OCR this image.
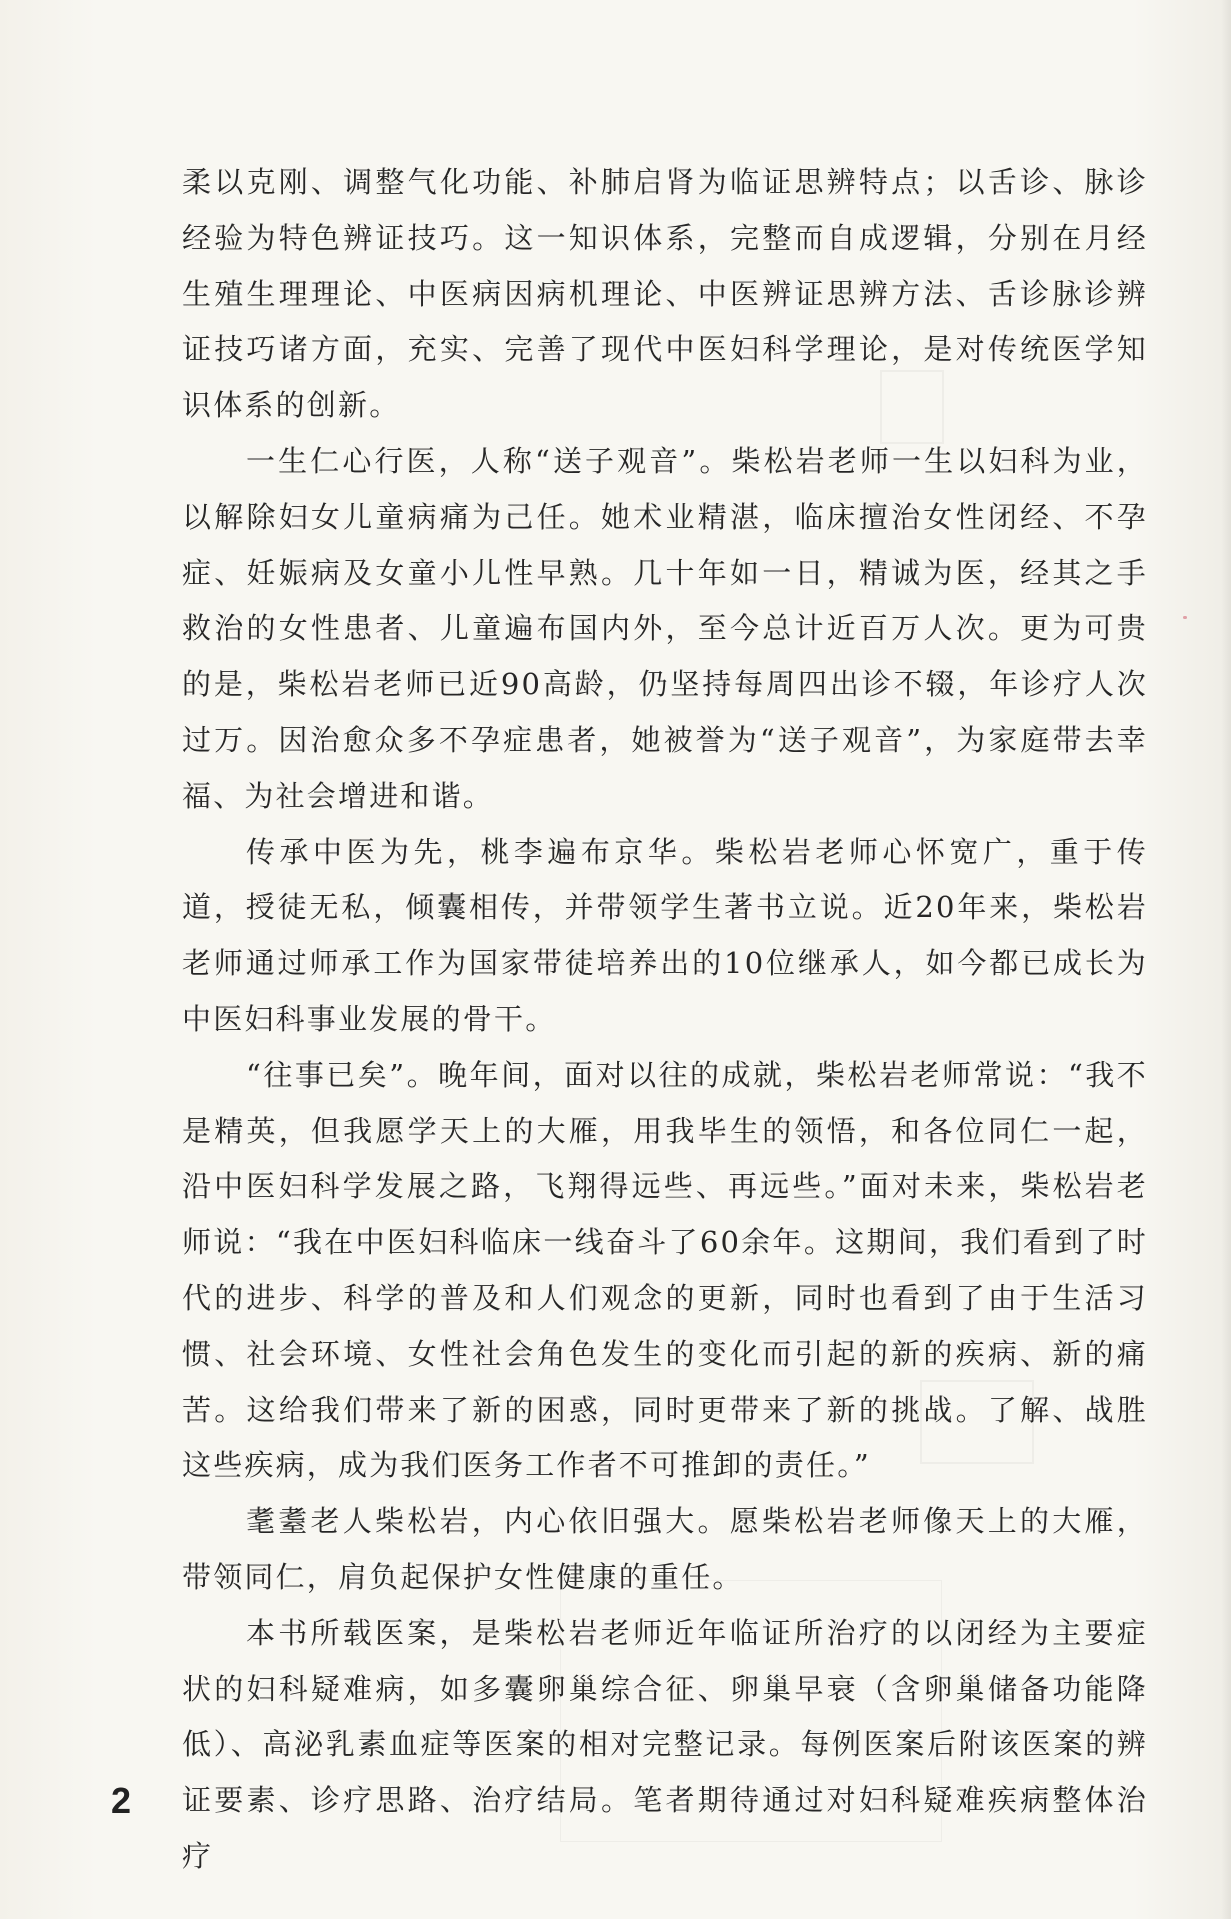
柔以克刚、调整气化功能、补肺启肾为临证思辨特点；以舌诊、脉诊经验为特色辨证技巧。这一知识体系，完整而自成逻辑，分别在月经生殖生理理论、中医病因病机理论、中医辨证思辨方法、舌诊脉诊辨证技巧诸方面，充实、完善了现代中医妇科学理论，是对传统医学知识体系的创新。

一生仁心行医，人称“送子观音”。柴松岩老师一生以妇科为业，以解除妇女儿童病痛为己任。她术业精湛，临床擅治女性闭经、不孕症、妊娠病及女童小儿性早熟。几十年如一日，精诚为医，经其之手救治的女性患者、儿童遍布国内外，至今总计近百万人次。更为可贵的是，柴松岩老师已近90高龄，仍坚持每周四出诊不辍，年诊疗人次过万。因治愈众多不孕症患者，她被誉为“送子观音”，为家庭带去幸福、为社会增进和谐。

传承中医为先，桃李遍布京华。柴松岩老师心怀宽广，重于传道，授徒无私，倾囊相传，并带领学生著书立说。近20年来，柴松岩老师通过师承工作为国家带徒培养出的10位继承人，如今都已成长为中医妇科事业发展的骨干。

“往事已矣”。晚年间，面对以往的成就，柴松岩老师常说：“我不是精英，但我愿学天上的大雁，用我毕生的领悟，和各位同仁一起，沿中医妇科学发展之路，飞翔得远些、再远些。”面对未来，柴松岩老师说：“我在中医妇科临床一线奋斗了60余年。这期间，我们看到了时代的进步、科学的普及和人们观念的更新，同时也看到了由于生活习惯、社会环境、女性社会角色发生的变化而引起的新的疾病、新的痛苦。这给我们带来了新的困惑，同时更带来了新的挑战。了解、战胜这些疾病，成为我们医务工作者不可推卸的责任。”

耄耋老人柴松岩，内心依旧强大。愿柴松岩老师像天上的大雁，带领同仁，肩负起保护女性健康的重任。

本书所载医案，是柴松岩老师近年临证所治疗的以闭经为主要症状的妇科疑难病，如多囊卵巢综合征、卵巢早衰（含卵巢储备功能降低）、高泌乳素血症等医案的相对完整记录。每例医案后附该医案的辨证要素、诊疗思路、治疗结局。笔者期待通过对妇科疑难疾病整体治疗

2
